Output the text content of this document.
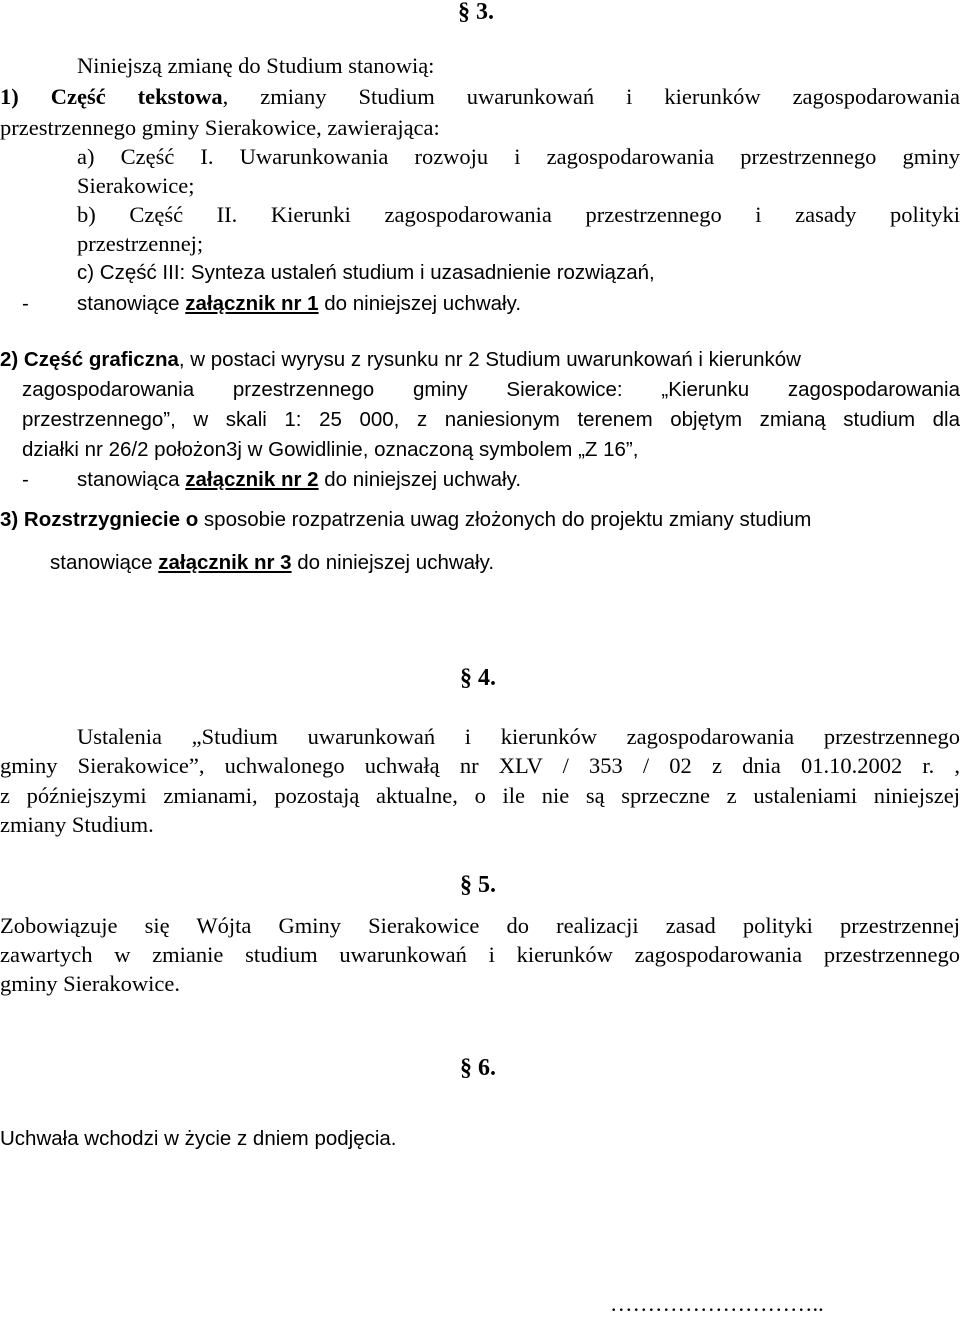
§ 3.
Niniejszą zmianę do Studium stanowią:
1) Część tekstowa, zmiany Studium uwarunkowań i kierunków zagospodarowania
przestrzennego gminy Sierakowice, zawierająca:
a) Część I. Uwarunkowania rozwoju i zagospodarowania przestrzennego gminy
Sierakowice;
b) Część II. Kierunki zagospodarowania przestrzennego i zasady polityki
przestrzennej;
c) Część III: Synteza ustaleń studium i uzasadnienie rozwiązań,
- stanowiące załącznik nr 1 do niniejszej uchwały.
2) Część graficzna, w postaci wyrysu z rysunku nr 2 Studium uwarunkowań i kierunków
zagospodarowania przestrzennego gminy Sierakowice: „Kierunku zagospodarowania
przestrzennego”, w skali 1: 25 000, z naniesionym terenem objętym zmianą studium dla
działki nr 26/2 położon3j w Gowidlinie, oznaczoną symbolem „Z 16”,
- stanowiąca załącznik nr 2 do niniejszej uchwały.
3) Rozstrzygniecie o sposobie rozpatrzenia uwag złożonych do projektu zmiany studium
stanowiące załącznik nr 3 do niniejszej uchwały.
§ 4.
Ustalenia „Studium uwarunkowań i kierunków zagospodarowania przestrzennego
gminy Sierakowice”, uchwalonego uchwałą nr XLV / 353 / 02 z dnia 01.10.2002 r. ,
z późniejszymi zmianami, pozostają aktualne, o ile nie są sprzeczne z ustaleniami niniejszej
zmiany Studium.
§ 5.
Zobowiązuje się Wójta Gminy Sierakowice do realizacji zasad polityki przestrzennej
zawartych w zmianie studium uwarunkowań i kierunków zagospodarowania przestrzennego
gminy Sierakowice.
§ 6.
Uchwała wchodzi w życie z dniem podjęcia.
………………………..
